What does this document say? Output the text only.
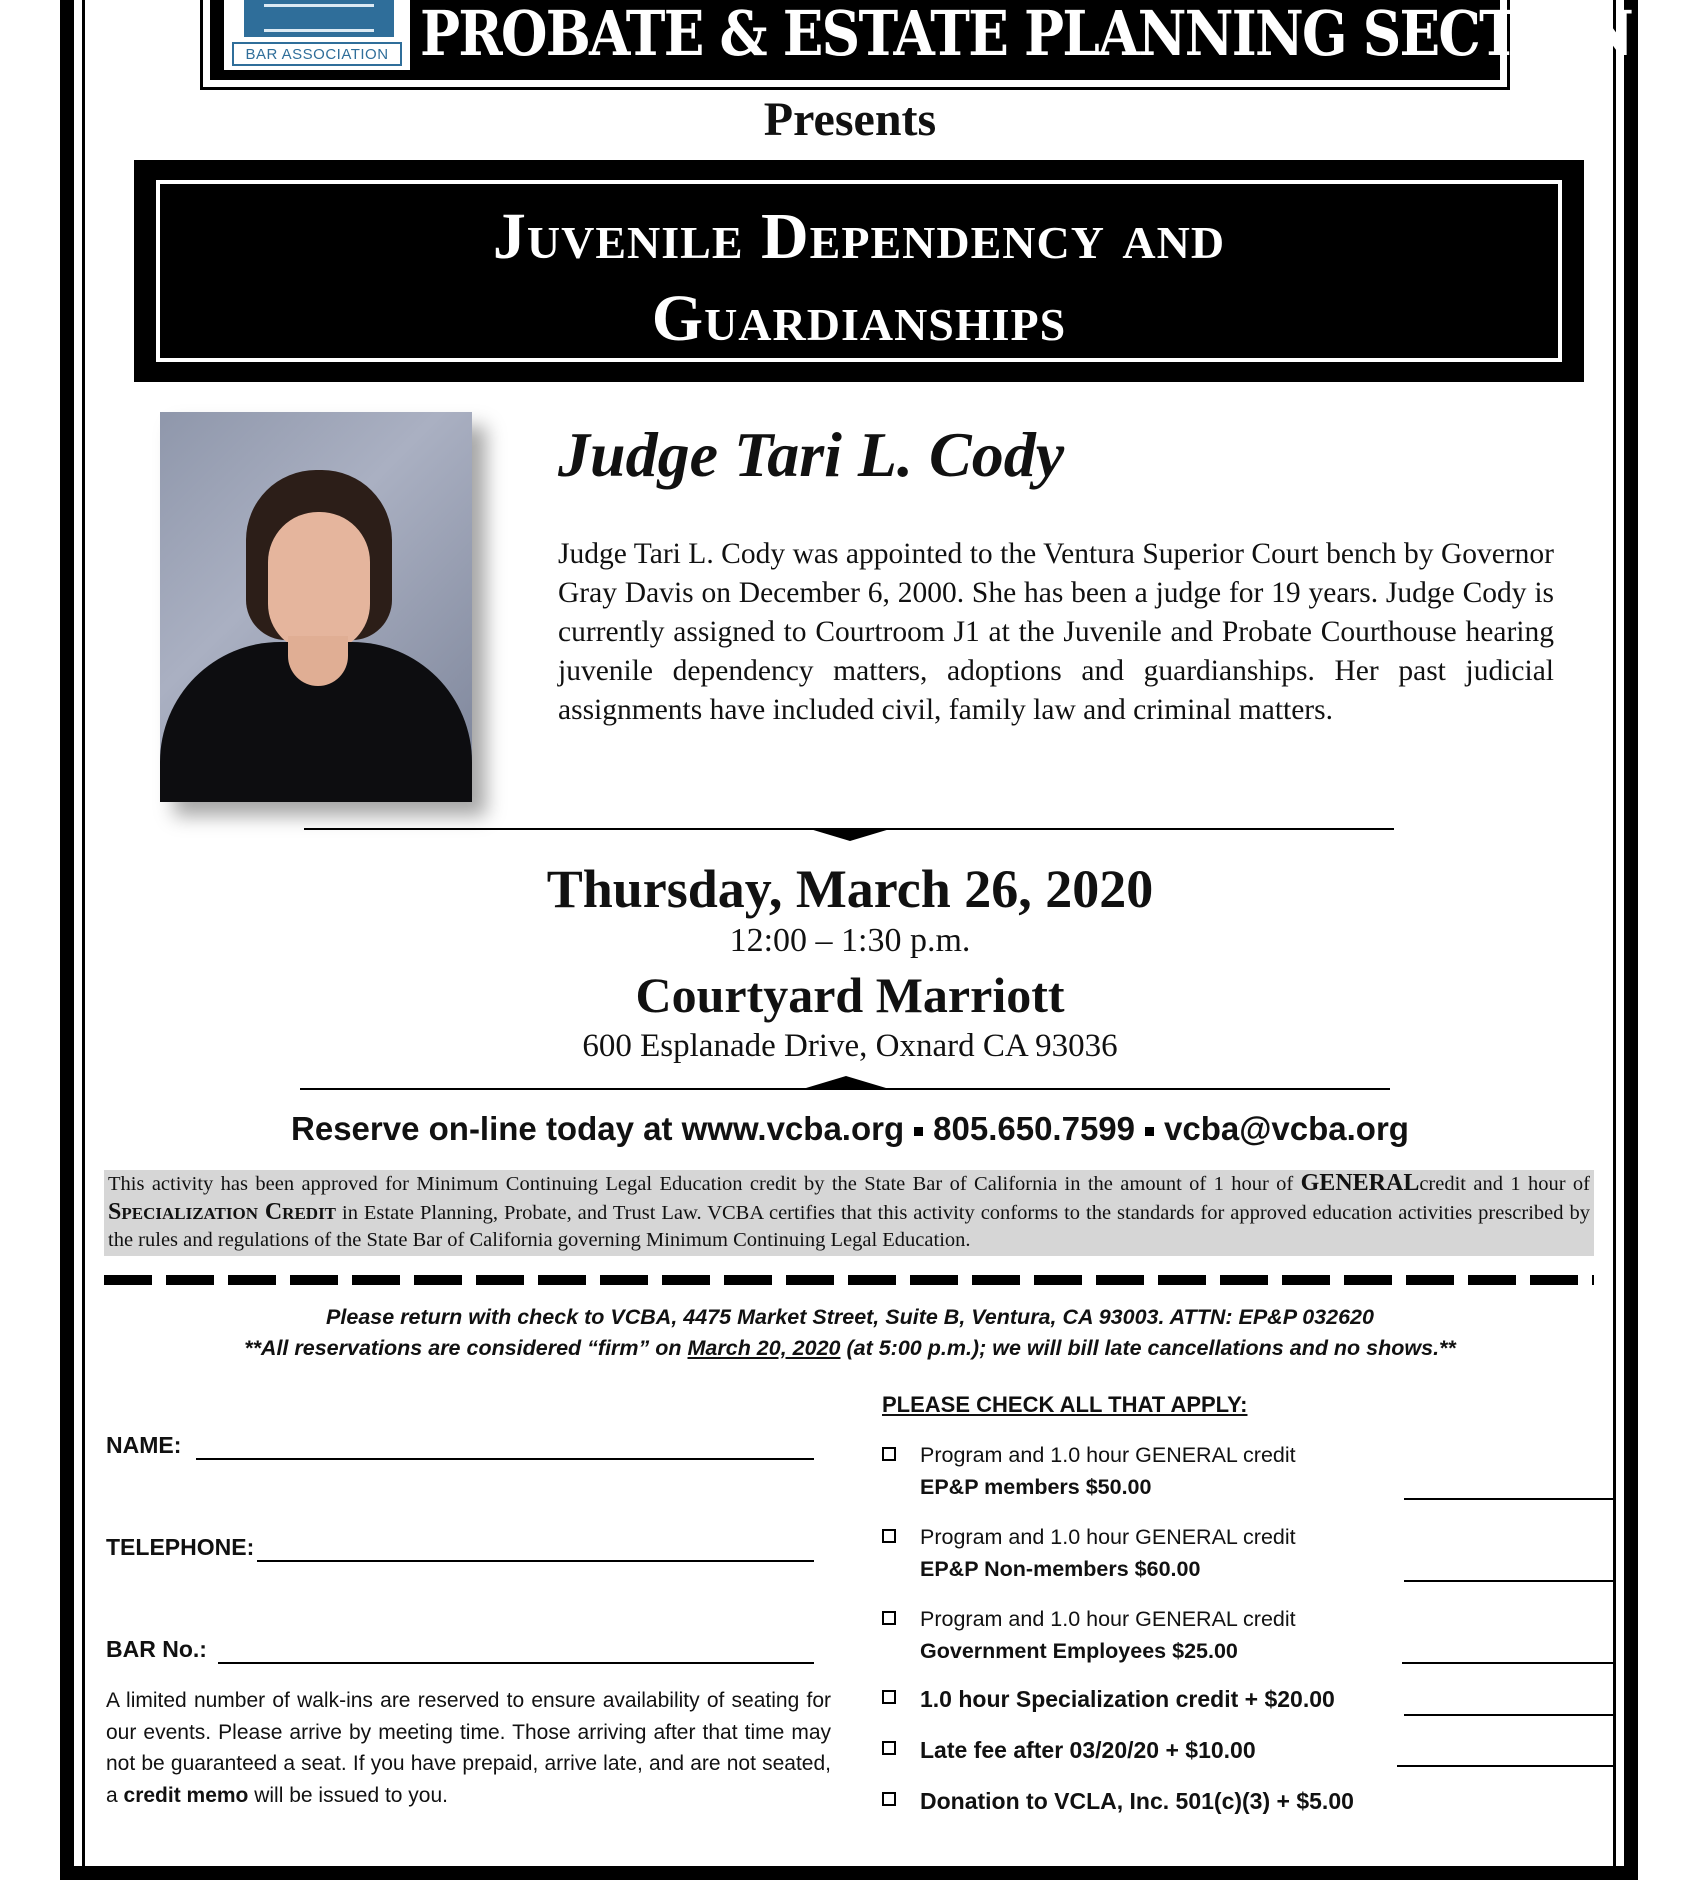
BAR ASSOCIATION PROBATE & ESTATE PLANNING SECTION
Presents
Juvenile Dependency and
Guardianships
Judge Tari L. Cody
Judge Tari L. Cody was appointed to the Ventura Superior Court bench by Governor Gray Davis on December 6, 2000. She has been a judge for 19 years. Judge Cody is currently assigned to Courtroom J1 at the Juvenile and Probate Courthouse hearing juvenile dependency matters, adoptions and guardianships. Her past judicial assignments have included civil, family law and criminal matters.
Thursday, March 26, 2020
12:00 – 1:30 p.m.
Courtyard Marriott
600 Esplanade Drive, Oxnard CA 93036
Reserve on-line today at www.vcba.org 805.650.7599 vcba@vcba.org
This activity has been approved for Minimum Continuing Legal Education credit by the State Bar of California in the amount of 1 hour of GENERALcredit and 1 hour of Specialization Credit in Estate Planning, Probate, and Trust Law. VCBA certifies that this activity conforms to the standards for approved education activities prescribed by the rules and regulations of the State Bar of California governing Minimum Continuing Legal Education.
Please return with check to VCBA, 4475 Market Street, Suite B, Ventura, CA 93003. ATTN: EP&P 032620
**All reservations are considered “firm” on March 20, 2020 (at 5:00 p.m.); we will bill late cancellations and no shows.**
NAME:
TELEPHONE:
BAR No.:
A limited number of walk-ins are reserved to ensure availability of seating for our events. Please arrive by meeting time. Those arriving after that time may not be guaranteed a seat. If you have prepaid, arrive late, and are not seated, a credit memo will be issued to you.
PLEASE CHECK ALL THAT APPLY:
Program and 1.0 hour GENERAL credit
EP&P members $50.00
Program and 1.0 hour GENERAL credit
EP&P Non-members $60.00
Program and 1.0 hour GENERAL credit
Government Employees $25.00
1.0 hour Specialization credit + $20.00
Late fee after 03/20/20 + $10.00
Donation to VCLA, Inc. 501(c)(3) + $5.00
